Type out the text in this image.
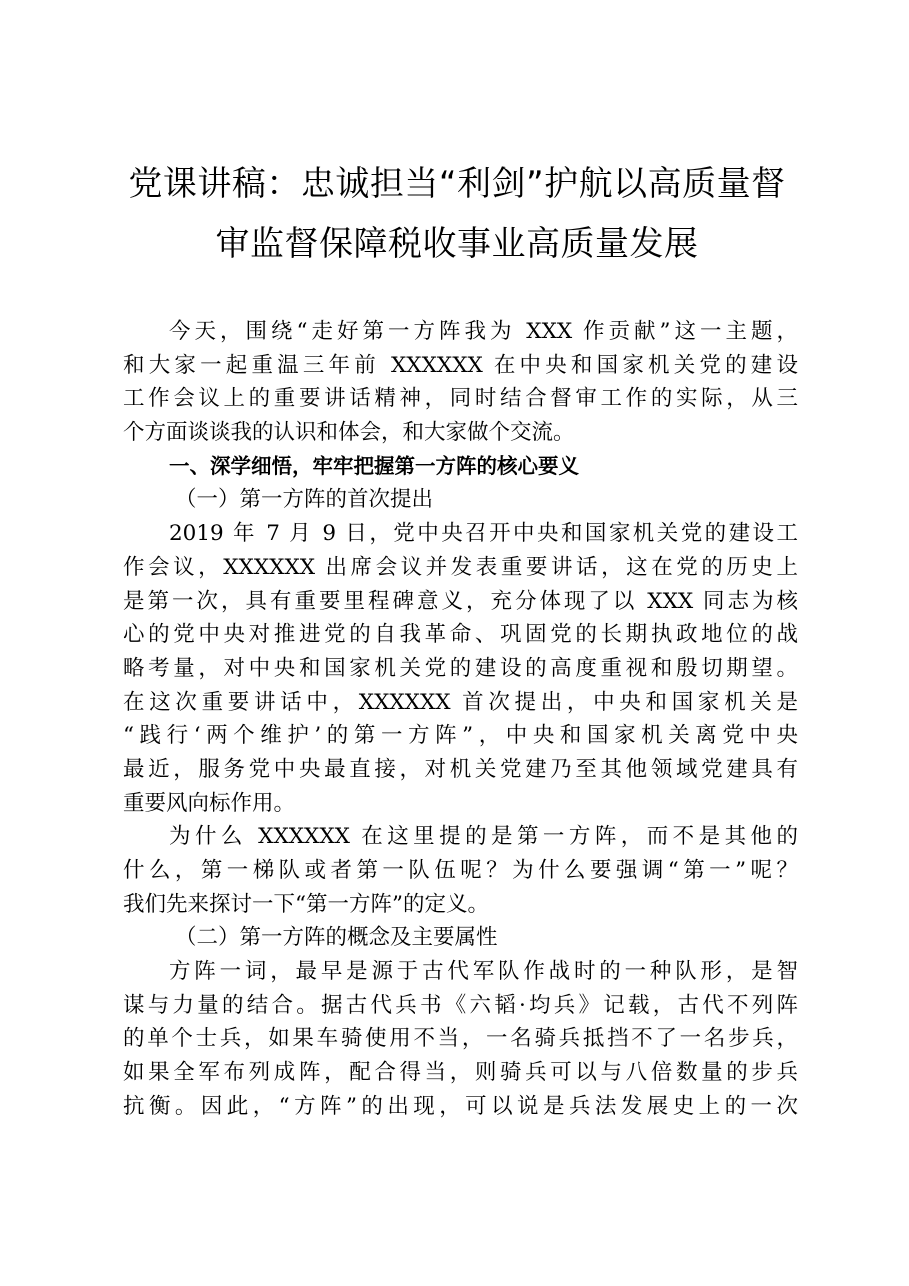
党课讲稿：忠诚担当“利剑”护航以高质量督
审监督保障税收事业高质量发展
今天，围绕“走好第一方阵我为 XXX 作贡献”这一主题，
和大家一起重温三年前 XXXXXX 在中央和国家机关党的建设
工作会议上的重要讲话精神，同时结合督审工作的实际，从三
个方面谈谈我的认识和体会，和大家做个交流。
一、深学细悟，牢牢把握第一方阵的核心要义
（一）第一方阵的首次提出
2019 年 7 月 9 日，党中央召开中央和国家机关党的建设工
作会议，XXXXXX 出席会议并发表重要讲话，这在党的历史上
是第一次，具有重要里程碑意义，充分体现了以 XXX 同志为核
心的党中央对推进党的自我革命、巩固党的长期执政地位的战
略考量，对中央和国家机关党的建设的高度重视和殷切期望。
在这次重要讲话中，XXXXXX 首次提出，中央和国家机关是
“践行‘两个维护’的第一方阵”，中央和国家机关离党中央
最近，服务党中央最直接，对机关党建乃至其他领域党建具有
重要风向标作用。
为什么 XXXXXX 在这里提的是第一方阵，而不是其他的
什么，第一梯队或者第一队伍呢？为什么要强调“第一”呢？
我们先来探讨一下“第一方阵”的定义。
（二）第一方阵的概念及主要属性
方阵一词，最早是源于古代军队作战时的一种队形，是智
谋与力量的结合。据古代兵书《六韬·均兵》记载，古代不列阵
的单个士兵，如果车骑使用不当，一名骑兵抵挡不了一名步兵，
如果全军布列成阵，配合得当，则骑兵可以与八倍数量的步兵
抗衡。因此，“方阵”的出现，可以说是兵法发展史上的一次
